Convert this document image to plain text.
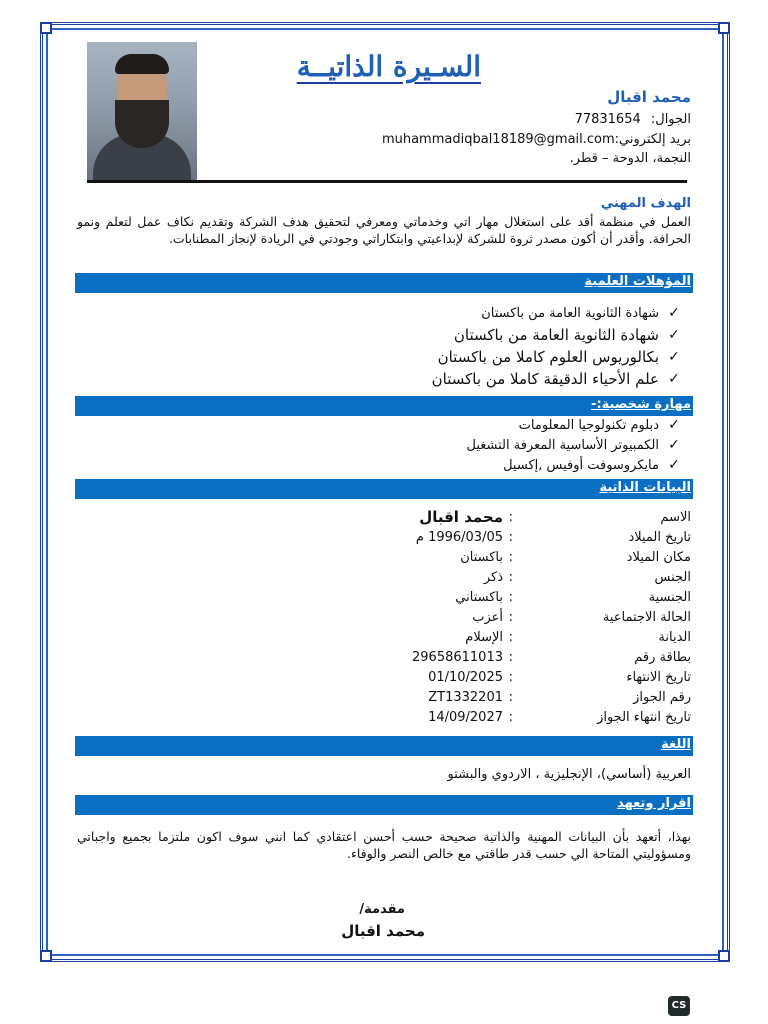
السـيرة الذاتيــة
محمد اقبال
الجوال: 77831654
بريد إلكتروني:muhammadiqbal18189@gmail.com
النجمة، الدوحة – قطر.
الهدف المهني
العمل في منظمة أقد على استغلال مهار اتي وخدماتي ومعرفي لتحقيق هدف الشركة وتقديم نكاف عمل لتعلم ونمو الحرافة. وأقدر أن أكون مصدر ثروة للشركة لإبداعيتي وابتكاراتي وجودتي في الريادة لإنجاز المطنابات.
المؤهلات العلمية
✓
شهادة الثانوية العامة من باكستان
✓
شهادة الثانوية العامة من باكستان
✓
بكالوريوس العلوم كاملا من باكستان
✓
علم الأحياء الدقيقة كاملا من باكستان
مهارة شخصية:-
✓
دبلوم تكنولوجيا المعلومات
✓
الكمبيوتر الأساسية المعرفة التشغيل
✓
مايكروسوفت أوفيس ,إكسيل
البيانات الذاتية
الاسم
:
محمد اقبال
تاريخ الميلاد
:
1996/03/05 م
مكان الميلاد
:
باكستان
الجنس
:
ذكر
الجنسية
:
باكستاني
الحالة الاجتماعية
:
أعزب
الديانة
:
الإسلام
بطاقة رقم
:
29658611013
تاريخ الانتهاء
:
01/10/2025
رقم الجواز
:
ZT1332201
تاريخ انتهاء الجواز
:
14/09/2027
اللغة
العربية (أساسي)، الإنجليزية ، الاردوي والبشتو
اقرار وتعهد
بهذا، أتعهد بأن البيانات المهنية والذاتية صحيحة حسب أحسن اعتقادي كما انني سوف اكون ملتزما بجميع واجباتي ومسؤوليتي المتاحة الي حسب قدر طاقتي مع خالص النصر والوفاء.
مقدمة/
محمد اقبال
CS
